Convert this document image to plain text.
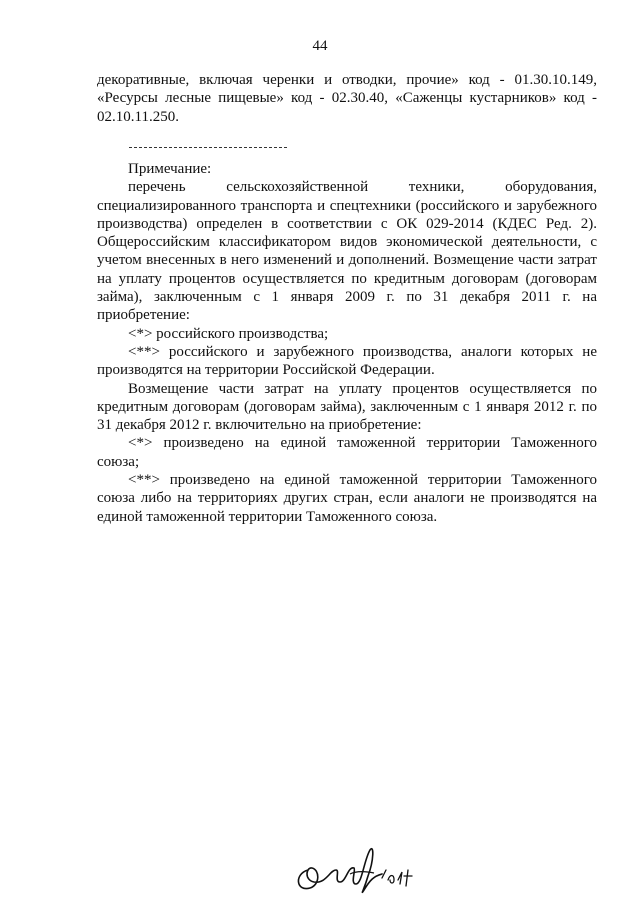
44

декоративные, включая черенки и отводки, прочие» код - 01.30.10.149, «Ресурсы лесные пищевые» код - 02.30.40, «Саженцы кустарников» код - 02.10.11.250.

Примечание:

перечень сельскохозяйственной техники, оборудования, специализированного транспорта и спецтехники (российского и зарубежного производства) определен в соответствии с ОК 029-2014 (КДЕС Ред. 2). Общероссийским классификатором видов экономической деятельности, с учетом внесенных в него изменений и дополнений. Возмещение части затрат на уплату процентов осуществляется по кредитным договорам (договорам займа), заключенным с 1 января 2009 г. по 31 декабря 2011 г. на приобретение:

<*> российского производства;

<**> российского и зарубежного производства, аналоги которых не производятся на территории Российской Федерации.

Возмещение части затрат на уплату процентов осуществляется по кредитным договорам (договорам займа), заключенным с 1 января 2012 г. по 31 декабря 2012 г. включительно на приобретение:

<*> произведено на единой таможенной территории Таможенного союза;

<**> произведено на единой таможенной территории Таможенного союза либо на территориях других стран, если аналоги не производятся на единой таможенной территории Таможенного союза.
